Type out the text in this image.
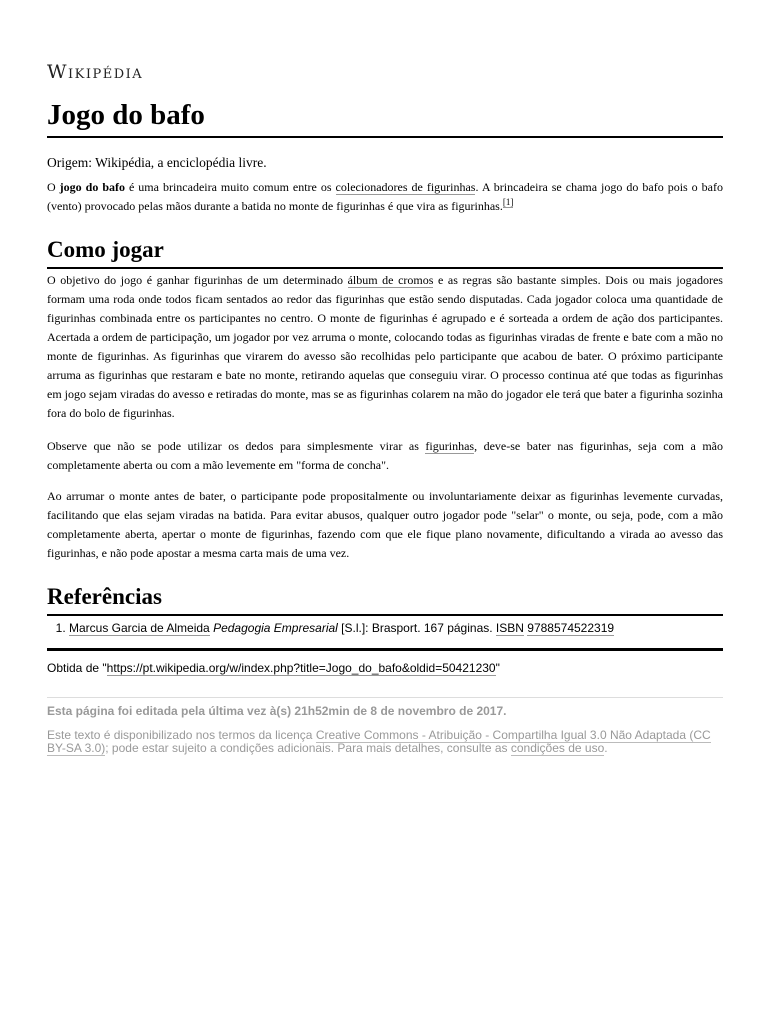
Wikipédia
Jogo do bafo
Origem: Wikipédia, a enciclopédia livre.
O jogo do bafo é uma brincadeira muito comum entre os colecionadores de figurinhas. A brincadeira se chama jogo do bafo pois o bafo (vento) provocado pelas mãos durante a batida no monte de figurinhas é que vira as figurinhas.[1]
Como jogar
O objetivo do jogo é ganhar figurinhas de um determinado álbum de cromos e as regras são bastante simples. Dois ou mais jogadores formam uma roda onde todos ficam sentados ao redor das figurinhas que estão sendo disputadas. Cada jogador coloca uma quantidade de figurinhas combinada entre os participantes no centro. O monte de figurinhas é agrupado e é sorteada a ordem de ação dos participantes. Acertada a ordem de participação, um jogador por vez arruma o monte, colocando todas as figurinhas viradas de frente e bate com a mão no monte de figurinhas. As figurinhas que virarem do avesso são recolhidas pelo participante que acabou de bater. O próximo participante arruma as figurinhas que restaram e bate no monte, retirando aquelas que conseguiu virar. O processo continua até que todas as figurinhas em jogo sejam viradas do avesso e retiradas do monte, mas se as figurinhas colarem na mão do jogador ele terá que bater a figurinha sozinha fora do bolo de figurinhas.
Observe que não se pode utilizar os dedos para simplesmente virar as figurinhas, deve-se bater nas figurinhas, seja com a mão completamente aberta ou com a mão levemente em "forma de concha".
Ao arrumar o monte antes de bater, o participante pode propositalmente ou involuntariamente deixar as figurinhas levemente curvadas, facilitando que elas sejam viradas na batida. Para evitar abusos, qualquer outro jogador pode "selar" o monte, ou seja, pode, com a mão completamente aberta, apertar o monte de figurinhas, fazendo com que ele fique plano novamente, dificultando a virada ao avesso das figurinhas, e não pode apostar a mesma carta mais de uma vez.
Referências
1. Marcus Garcia de Almeida Pedagogia Empresarial [S.l.]: Brasport. 167 páginas. ISBN 9788574522319
Obtida de "https://pt.wikipedia.org/w/index.php?title=Jogo_do_bafo&oldid=50421230"
Esta página foi editada pela última vez à(s) 21h52min de 8 de novembro de 2017.
Este texto é disponibilizado nos termos da licença Creative Commons - Atribuição - Compartilha Igual 3.0 Não Adaptada (CC BY-SA 3.0); pode estar sujeito a condições adicionais. Para mais detalhes, consulte as condições de uso.
